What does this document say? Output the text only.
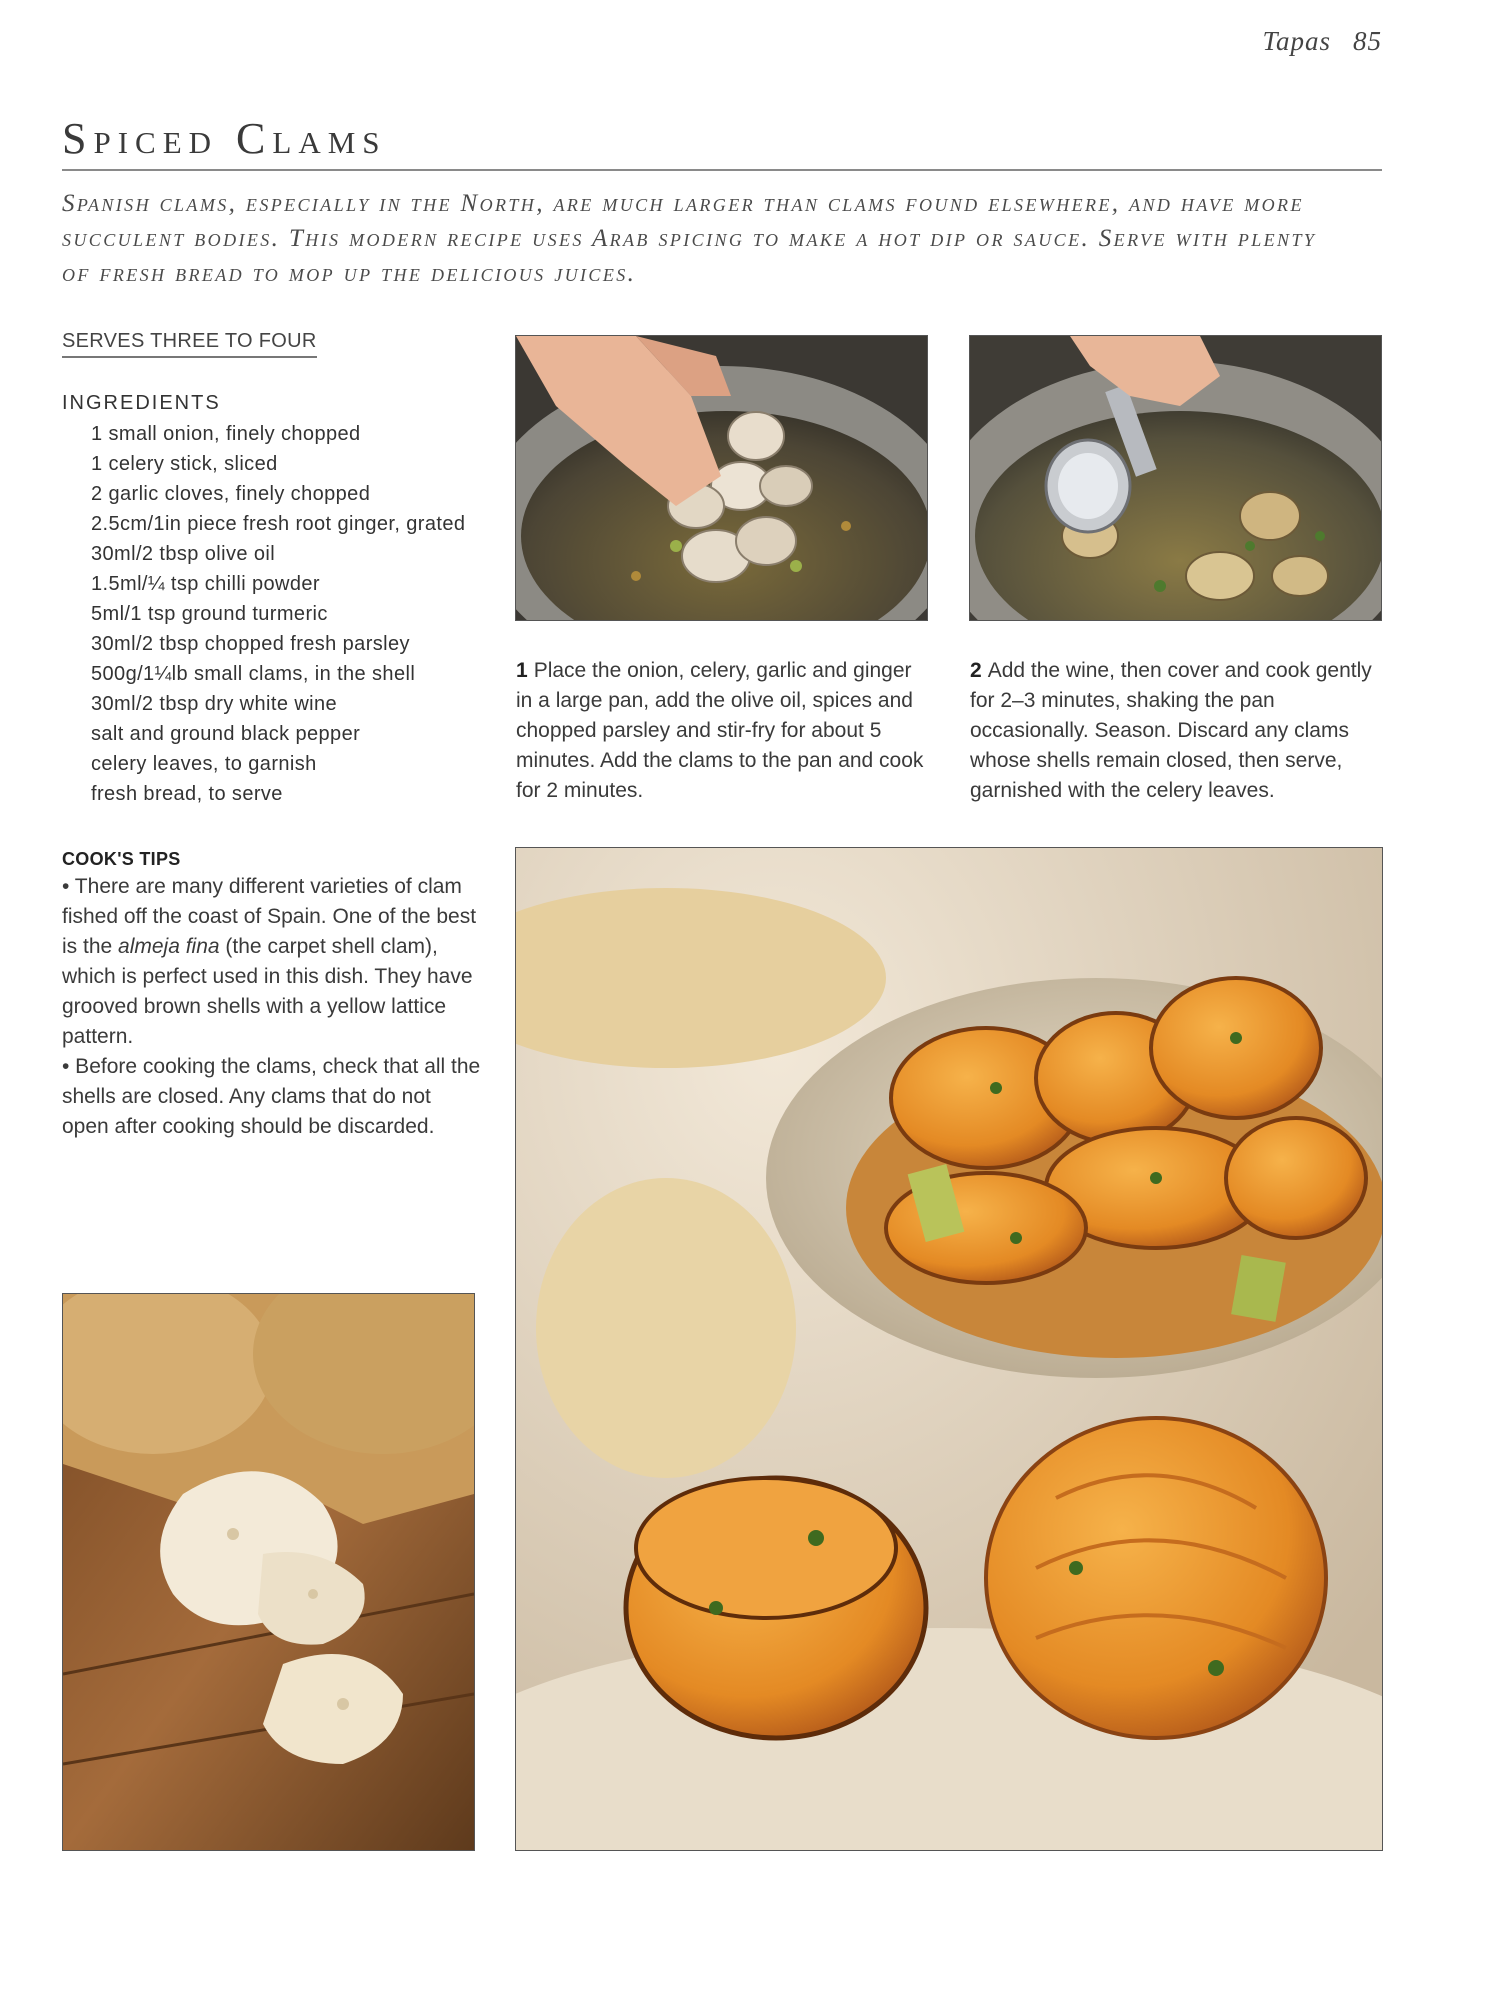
Tapas 85
Spiced Clams
Spanish clams, especially in the North, are much larger than clams found elsewhere, and have more succulent bodies. This modern recipe uses Arab spicing to make a hot dip or sauce. Serve with plenty of fresh bread to mop up the delicious juices.
SERVES THREE TO FOUR
INGREDIENTS
1 small onion, finely chopped
1 celery stick, sliced
2 garlic cloves, finely chopped
2.5cm/1in piece fresh root ginger, grated
30ml/2 tbsp olive oil
1.5ml/¼ tsp chilli powder
5ml/1 tsp ground turmeric
30ml/2 tbsp chopped fresh parsley
500g/1¼lb small clams, in the shell
30ml/2 tbsp dry white wine
salt and ground black pepper
celery leaves, to garnish
fresh bread, to serve
COOK'S TIPS

• There are many different varieties of clam fished off the coast of Spain. One of the best is the almeja fina (the carpet shell clam), which is perfect used in this dish. They have grooved brown shells with a yellow lattice pattern.

• Before cooking the clams, check that all the shells are closed. Any clams that do not open after cooking should be discarded.

1 Place the onion, celery, garlic and ginger in a large pan, add the olive oil, spices and chopped parsley and stir-fry for about 5 minutes. Add the clams to the pan and cook for 2 minutes.
2 Add the wine, then cover and cook gently for 2–3 minutes, shaking the pan occasionally. Season. Discard any clams whose shells remain closed, then serve, garnished with the celery leaves.
